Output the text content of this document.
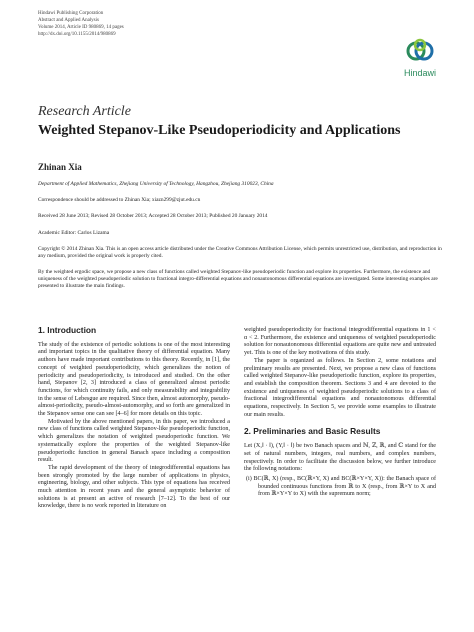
Hindawi Publishing Corporation
Abstract and Applied Analysis
Volume 2014, Article ID 980869, 14 pages
http://dx.doi.org/10.1155/2014/980869
Hindawi
Research Article
Weighted Stepanov-Like Pseudoperiodicity and Applications
Zhinan Xia
Department of Applied Mathematics, Zhejiang University of Technology, Hangzhou, Zhejiang 310023, China
Correspondence should be addressed to Zhinan Xia; xiazn299@zjut.edu.cn
Received 28 June 2013; Revised 28 October 2013; Accepted 28 October 2013; Published 20 January 2014
Academic Editor: Carlos Lizama
Copyright © 2014 Zhinan Xia. This is an open access article distributed under the Creative Commons Attribution License, which permits unrestricted use, distribution, and reproduction in any medium, provided the original work is properly cited.
By the weighted ergodic space, we propose a new class of functions called weighted Stepanov-like pseudoperiodic function and explore its properties. Furthermore, the existence and uniqueness of the weighted pseudoperiodic solution to fractional integro-differential equations and nonautonomous differential equations are investigated. Some interesting examples are presented to illustrate the main findings.
1. Introduction

The study of the existence of periodic solutions is one of the most interesting and important topics in the qualitative theory of differential equation. Many authors have made important contributions to this theory. Recently, in [1], the concept of weighted pseudoperiodicity, which generalizes the notion of periodicity and pseudoperiodicity, is introduced and studied. On the other hand, Stepanov [2, 3] introduced a class of generalized almost periodic functions, for which continuity fails, and only measurability and integrability in the sense of Lebesgue are required. Since then, almost automorphy, pseudo-almost-periodicity, pseudo-almost-automorphy, and so forth are generalized in the Stepanov sense one can see [4–6] for more details on this topic.

Motivated by the above mentioned papers, in this paper, we introduced a new class of functions called weighted Stepanov-like pseudoperiodic function, which generalizes the notation of weighted pseudoperiodic function. We systematically explore the properties of the weighted Stepanov-like pseudoperiodic function in general Banach space including a composition result.

The rapid development of the theory of integrodifferential equations has been strongly promoted by the large number of applications in physics, engineering, biology, and other subjects. This type of equations has received much attention in recent years and the general asymptotic behavior of solutions is at present an active of research [7–12]. To the best of our knowledge, there is no work reported in literature on

weighted pseudoperiodicity for fractional integrodifferential equations in 1 < α < 2. Furthermore, the existence and uniqueness of weighted pseudoperiodic solution for nonautonomous differential equations are quite new and untreated yet. This is one of the key motivations of this study.

The paper is organized as follows. In Section 2, some notations and preliminary results are presented. Next, we propose a new class of functions called weighted Stepanov-like pseudoperiodic function, explore its properties, and establish the composition theorem. Sections 3 and 4 are devoted to the existence and uniqueness of weighted pseudoperiodic solutions to a class of fractional integrodifferential equations and nonautonomous differential equations, respectively. In Section 5, we provide some examples to illustrate our main results.

2. Preliminaries and Basic Results

Let (X,‖ · ‖), (Y,‖ · ‖) be two Banach spaces and ℕ, ℤ, ℝ, and ℂ stand for the set of natural numbers, integers, real numbers, and complex numbers, respectively. In order to facilitate the discussion below, we further introduce the following notations:

(i) BC(ℝ, X) (resp., BC(ℝ×Y, X) and BC(ℝ×Y×Y, X)): the Banach space of bounded continuous functions from ℝ to X (resp., from ℝ×Y to X and from ℝ×Y×Y to X) with the supremum norm;
